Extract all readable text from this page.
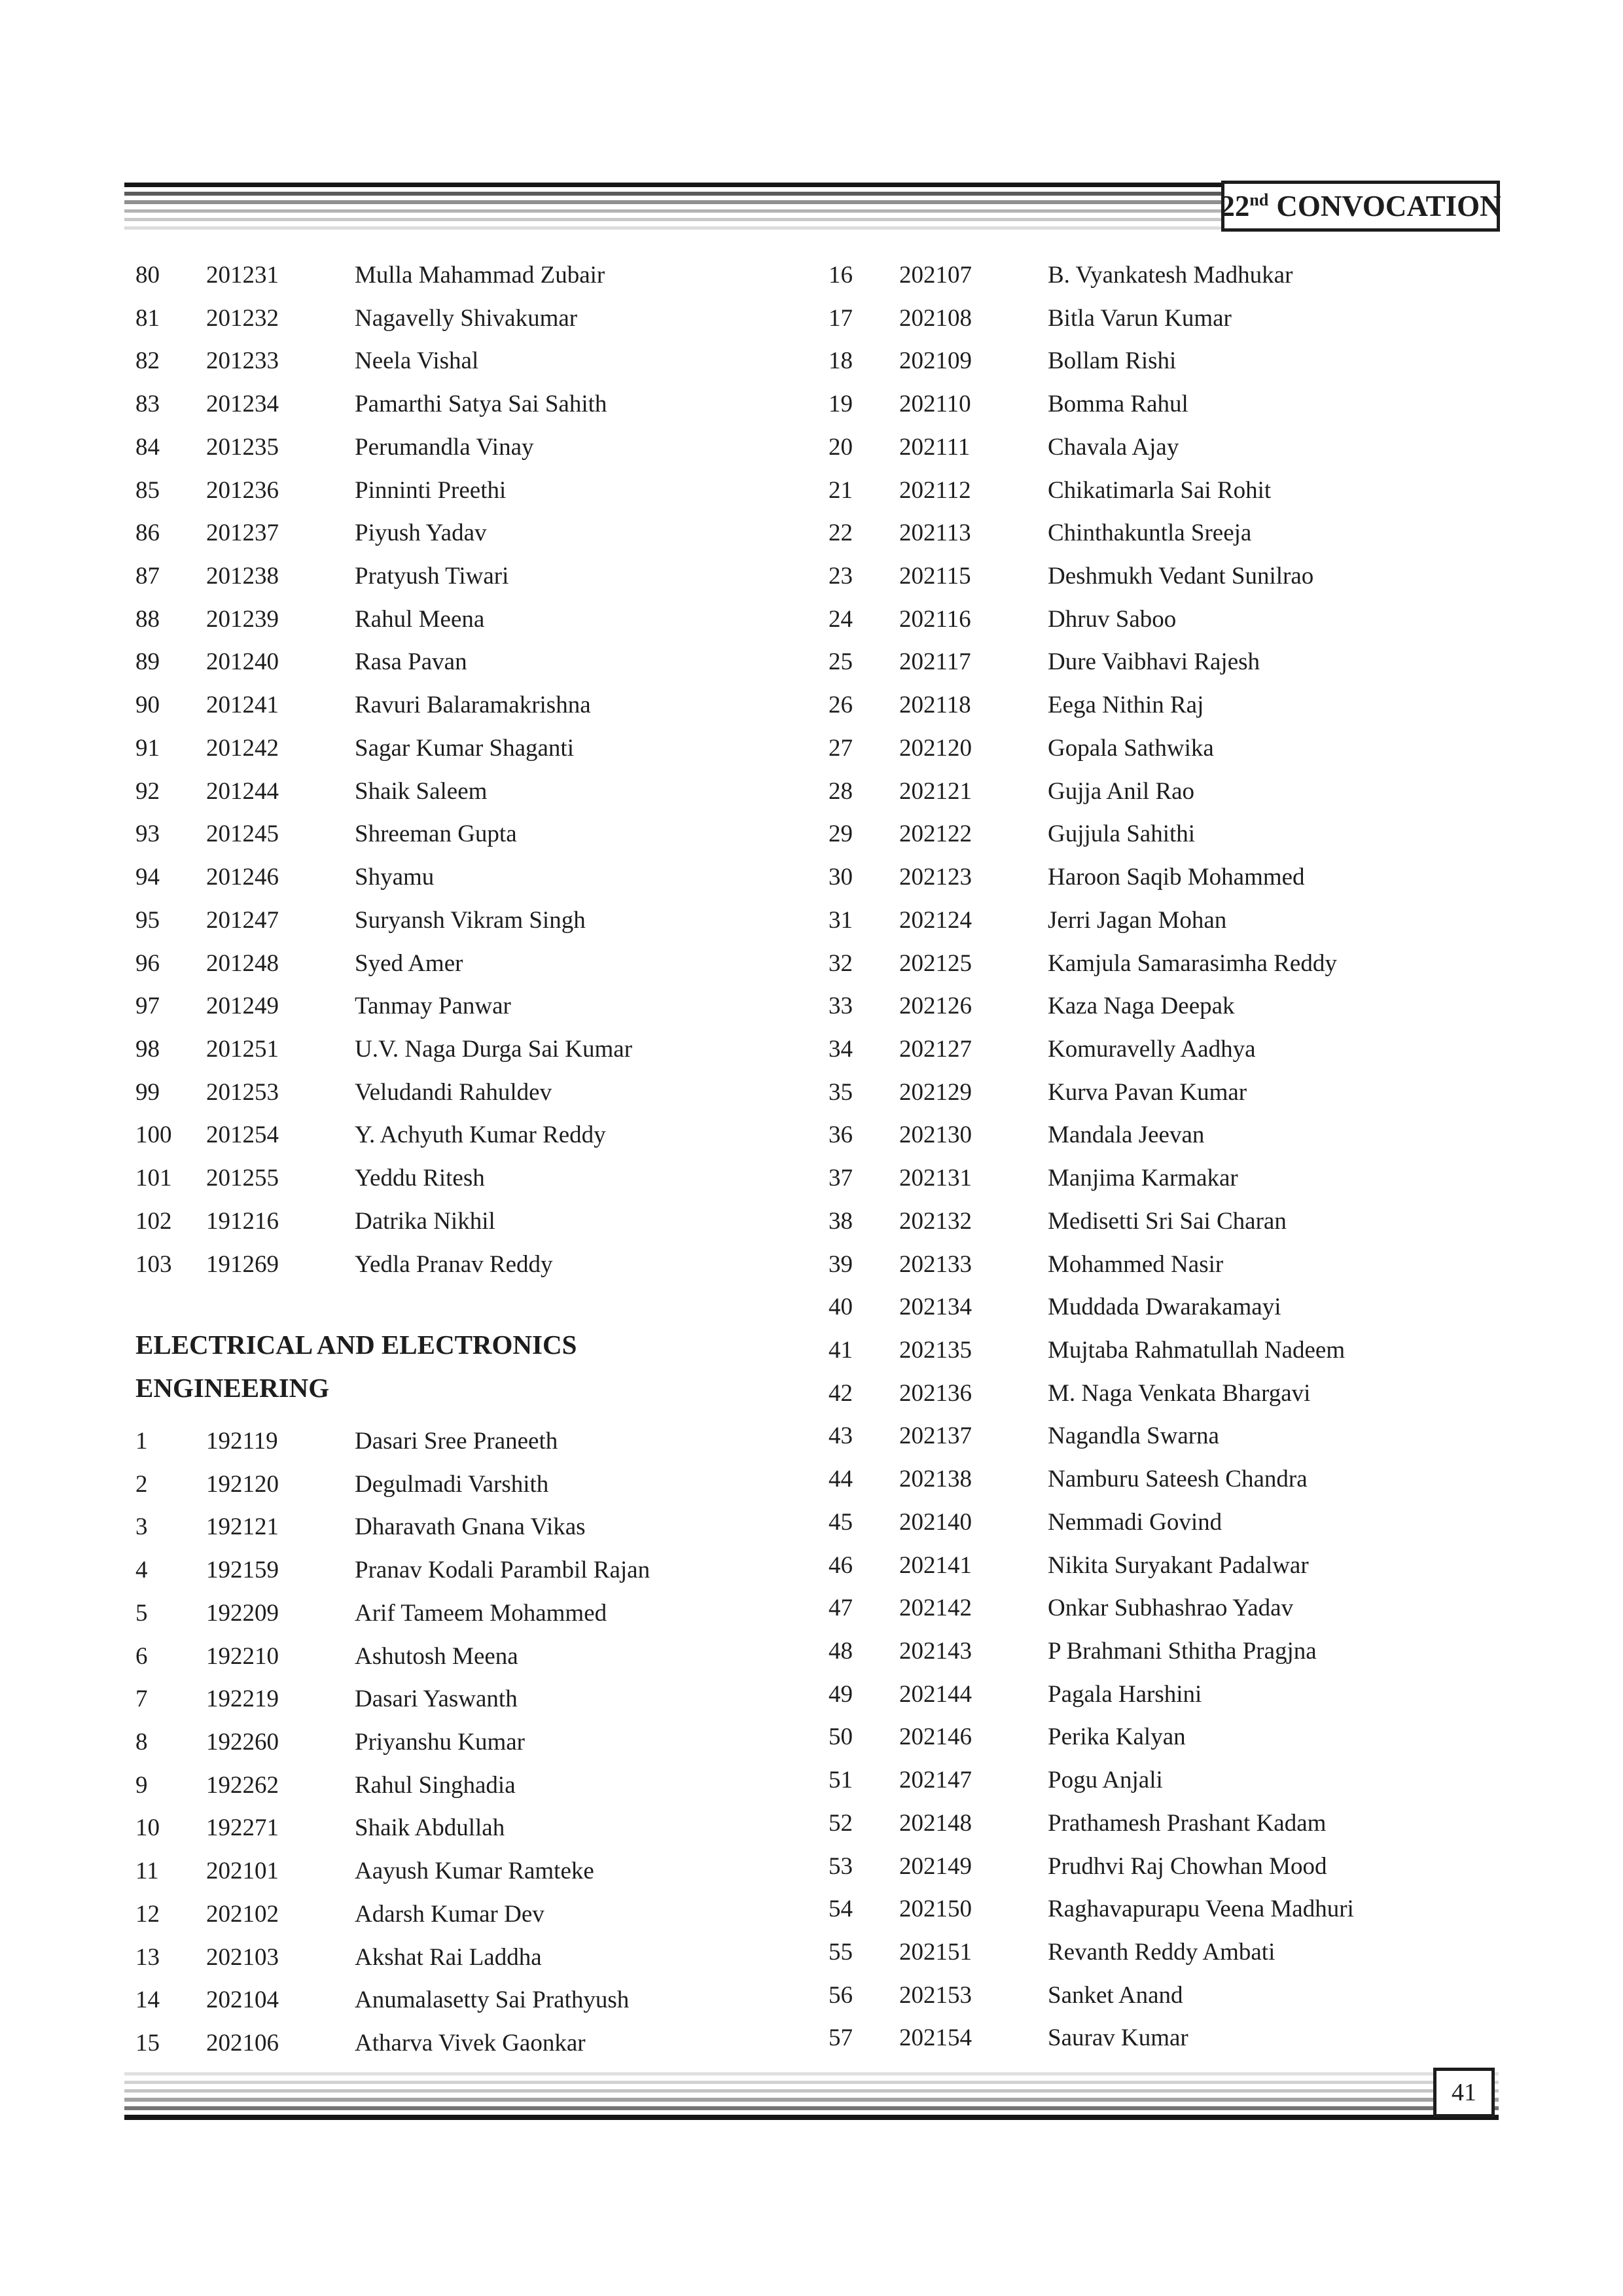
22nd CONVOCATION
80 201231	Mulla Mahammad Zubair
81 201232	Nagavelly Shivakumar
82 201233	Neela Vishal
83 201234	Pamarthi Satya Sai Sahith
84 201235	Perumandla Vinay
85 201236	Pinninti Preethi
86 201237	Piyush Yadav
87 201238	Pratyush Tiwari
88 201239	Rahul Meena
89 201240	Rasa Pavan
90 201241	Ravuri Balaramakrishna
91 201242	Sagar Kumar Shaganti
92 201244	Shaik Saleem
93 201245	Shreeman Gupta
94 201246	Shyamu
95 201247	Suryansh Vikram Singh
96 201248	Syed Amer
97 201249	Tanmay Panwar
98 201251	U.V. Naga Durga Sai Kumar
99 201253	Veludandi Rahuldev
100 201254	Y. Achyuth Kumar Reddy
101 201255	Yeddu Ritesh
102 191216	Datrika Nikhil
103 191269	Yedla Pranav Reddy
ELECTRICAL AND ELECTRONICS
ENGINEERING
1 192119	Dasari Sree Praneeth
2 192120	Degulmadi Varshith
3 192121	Dharavath Gnana Vikas
4 192159	Pranav Kodali Parambil Rajan
5 192209	Arif Tameem Mohammed
6 192210	Ashutosh Meena
7 192219	Dasari Yaswanth
8 192260	Priyanshu Kumar
9 192262	Rahul Singhadia
10 192271	Shaik Abdullah
11 202101	Aayush Kumar Ramteke
12 202102	Adarsh Kumar Dev
13 202103	Akshat Rai Laddha
14 202104	Anumalasetty Sai Prathyush
15 202106	Atharva Vivek Gaonkar
16 202107	B. Vyankatesh Madhukar
17 202108	Bitla Varun Kumar
18 202109	Bollam Rishi
19 202110	Bomma Rahul
20 202111	Chavala Ajay
21 202112	Chikatimarla Sai Rohit
22 202113	Chinthakuntla Sreeja
23 202115	Deshmukh Vedant Sunilrao
24 202116	Dhruv Saboo
25 202117	Dure Vaibhavi Rajesh
26 202118	Eega Nithin Raj
27 202120	Gopala Sathwika
28 202121	Gujja Anil Rao
29 202122	Gujjula Sahithi
30 202123	Haroon Saqib Mohammed
31 202124	Jerri Jagan Mohan
32 202125	Kamjula Samarasimha Reddy
33 202126	Kaza Naga Deepak
34 202127	Komuravelly Aadhya
35 202129	Kurva Pavan Kumar
36 202130	Mandala Jeevan
37 202131	Manjima Karmakar
38 202132	Medisetti Sri Sai Charan
39 202133	Mohammed Nasir
40 202134	Muddada Dwarakamayi
41 202135	Mujtaba Rahmatullah Nadeem
42 202136	M. Naga Venkata Bhargavi
43 202137	Nagandla Swarna
44 202138	Namburu Sateesh Chandra
45 202140	Nemmadi Govind
46 202141	Nikita Suryakant Padalwar
47 202142	Onkar Subhashrao Yadav
48 202143	P Brahmani Sthitha Pragjna
49 202144	Pagala Harshini
50 202146	Perika Kalyan
51 202147	Pogu Anjali
52 202148	Prathamesh Prashant Kadam
53 202149	Prudhvi Raj Chowhan Mood
54 202150	Raghavapurapu Veena Madhuri
55 202151	Revanth Reddy Ambati
56 202153	Sanket Anand
57 202154	Saurav Kumar
41
